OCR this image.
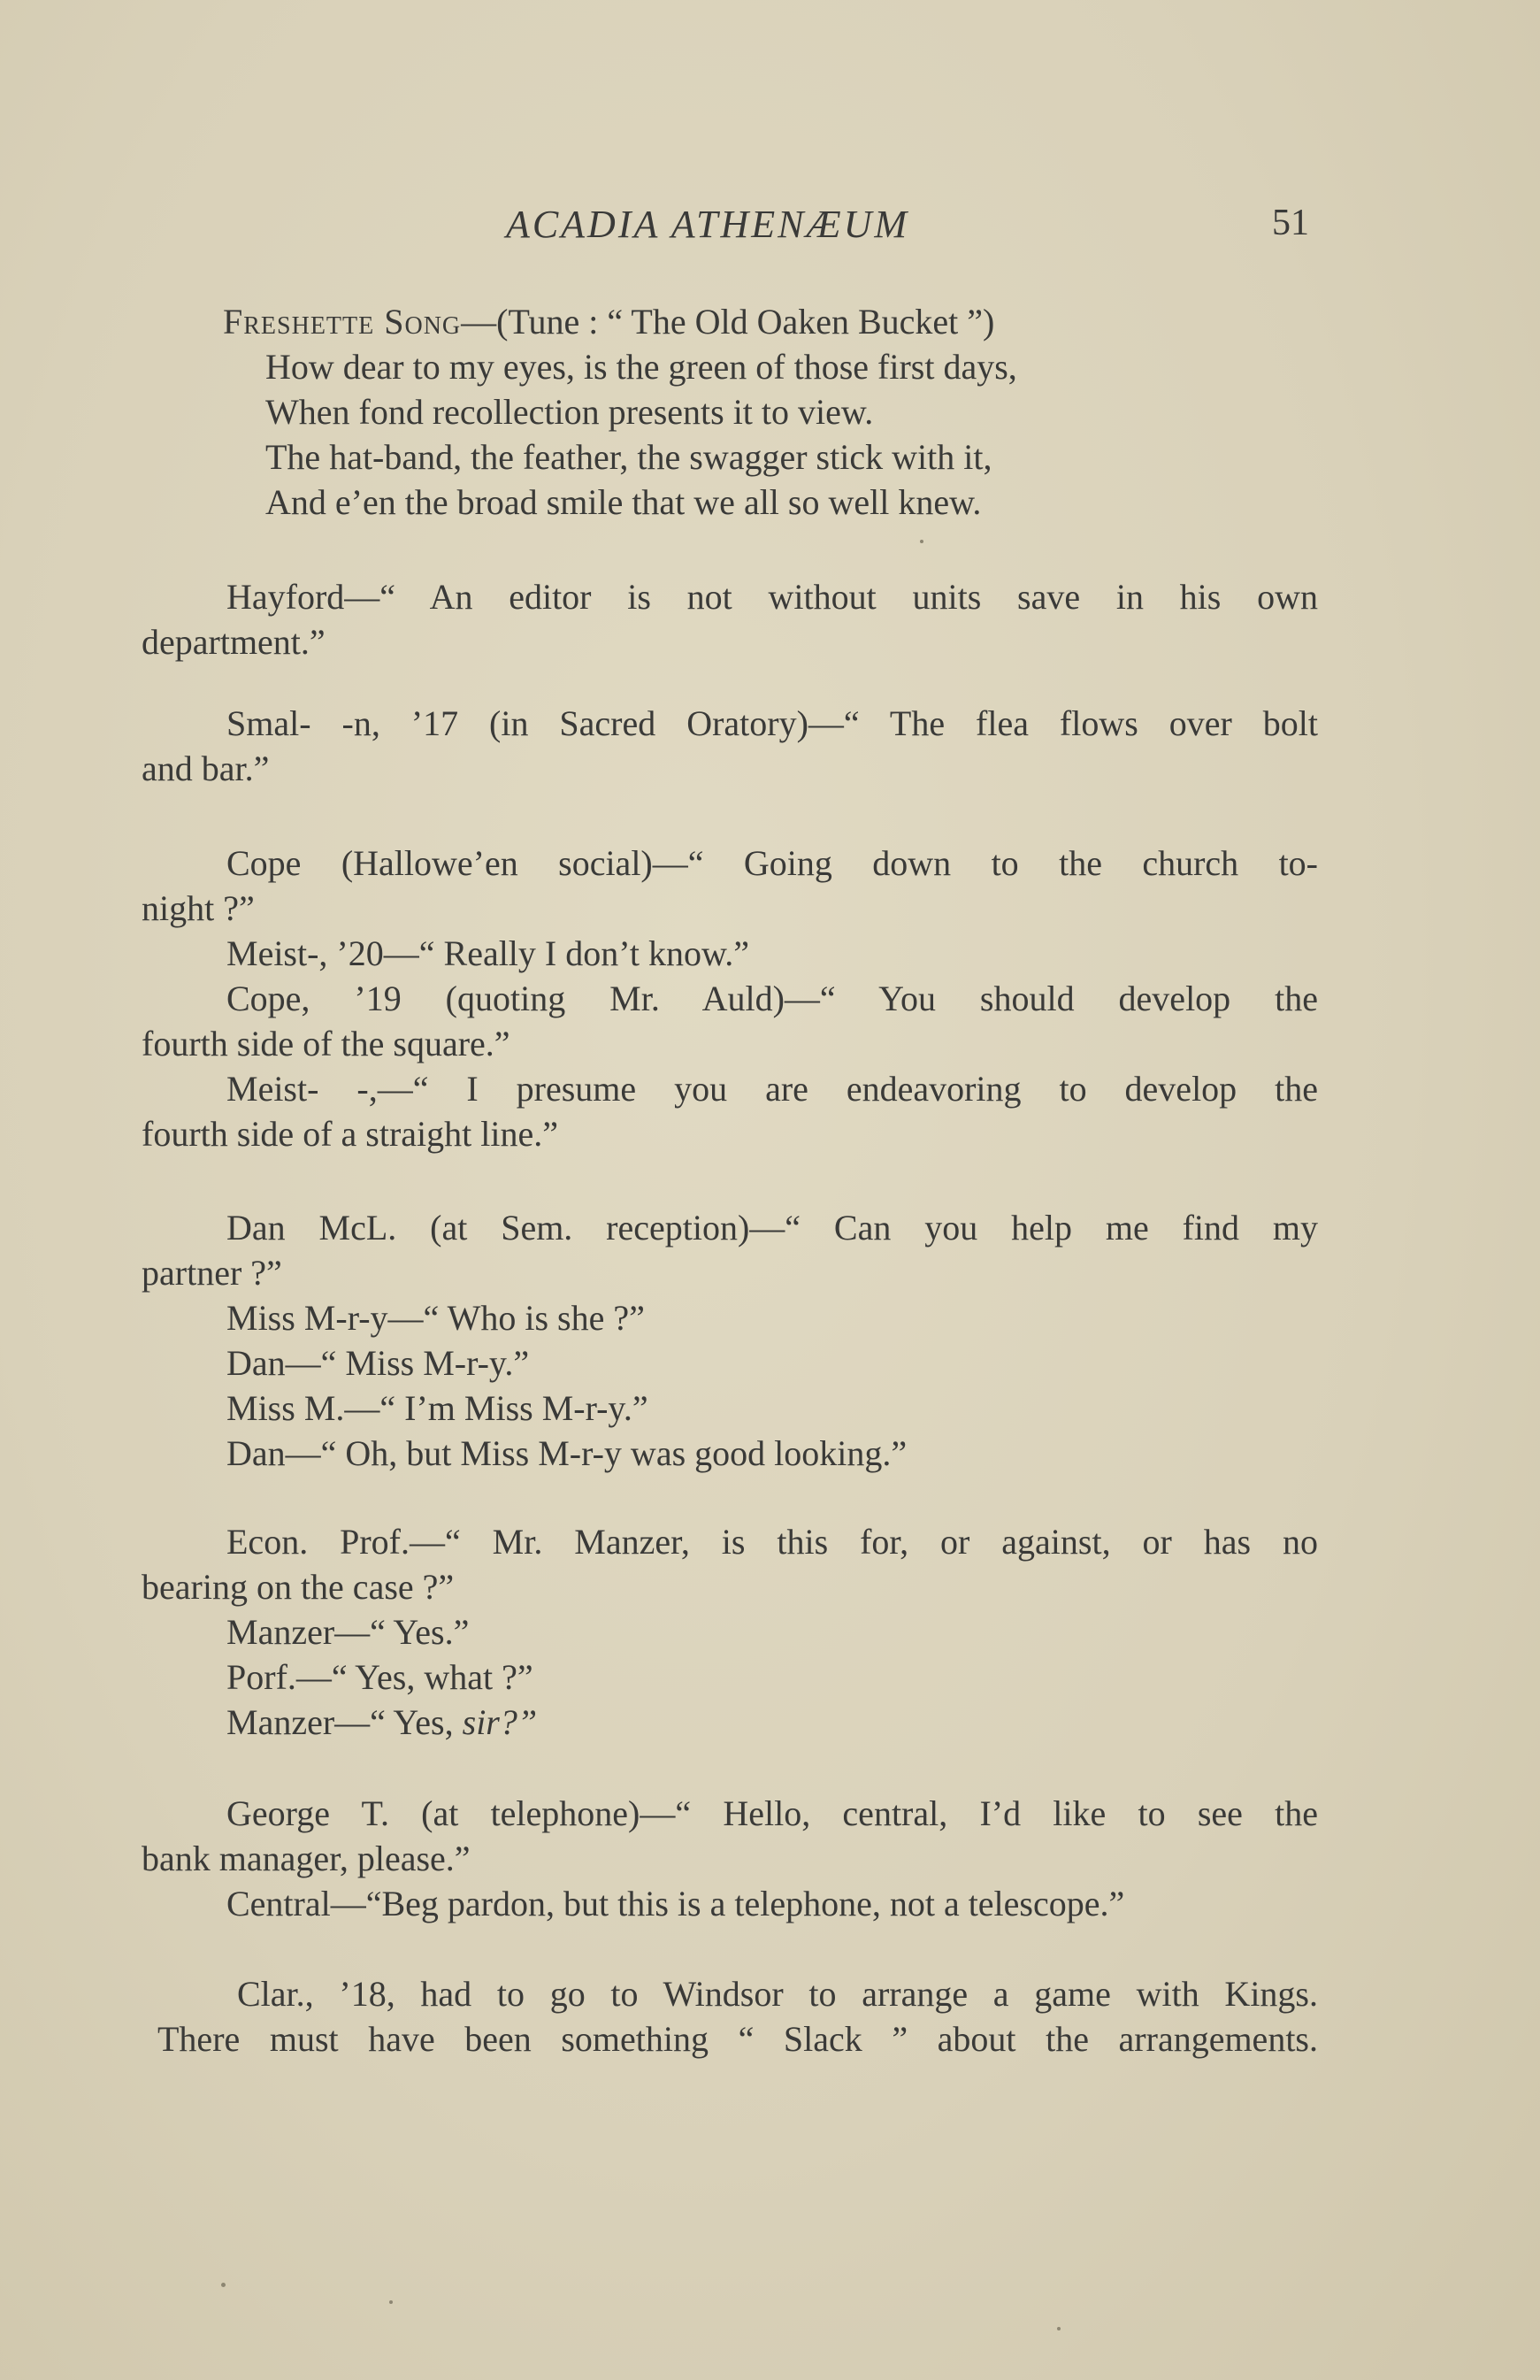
ACADIA ATHENÆUM	51
Freshette Song—(Tune : “ The Old Oaken Bucket ”)
How dear to my eyes, is the green of those first days,
When fond recollection presents it to view.
The hat-band, the feather, the swagger stick with it,
And e’en the broad smile that we all so well knew.
Hayford—“ An editor is not without units save in his own
department.”
Smal- -n, ’17 (in Sacred Oratory)—“ The flea flows over bolt
and bar.”
Cope (Hallowe’en social)—“ Going down to the church to-
night ?”
Meist-, ’20—“ Really I don’t know.”
Cope, ’19 (quoting Mr. Auld)—“ You should develop the
fourth side of the square.”
Meist- -,—“ I presume you are endeavoring to develop the
fourth side of a straight line.”
Dan McL. (at Sem. reception)—“ Can you help me find my
partner ?”
Miss M-r-y—“ Who is she ?”
Dan—“ Miss M-r-y.”
Miss M.—“ I’m Miss M-r-y.”
Dan—“ Oh, but Miss M-r-y was good looking.”
Econ. Prof.—“ Mr. Manzer, is this for, or against, or has no
bearing on the case ?”
Manzer—“ Yes.”
Porf.—“ Yes, what ?”
Manzer—“ Yes, sir?”
George T. (at telephone)—“ Hello, central, I’d like to see the
bank manager, please.”
Central—“Beg pardon, but this is a telephone, not a telescope.”
Clar., ’18, had to go to Windsor to arrange a game with Kings.
There must have been something “ Slack ” about the arrangements.
